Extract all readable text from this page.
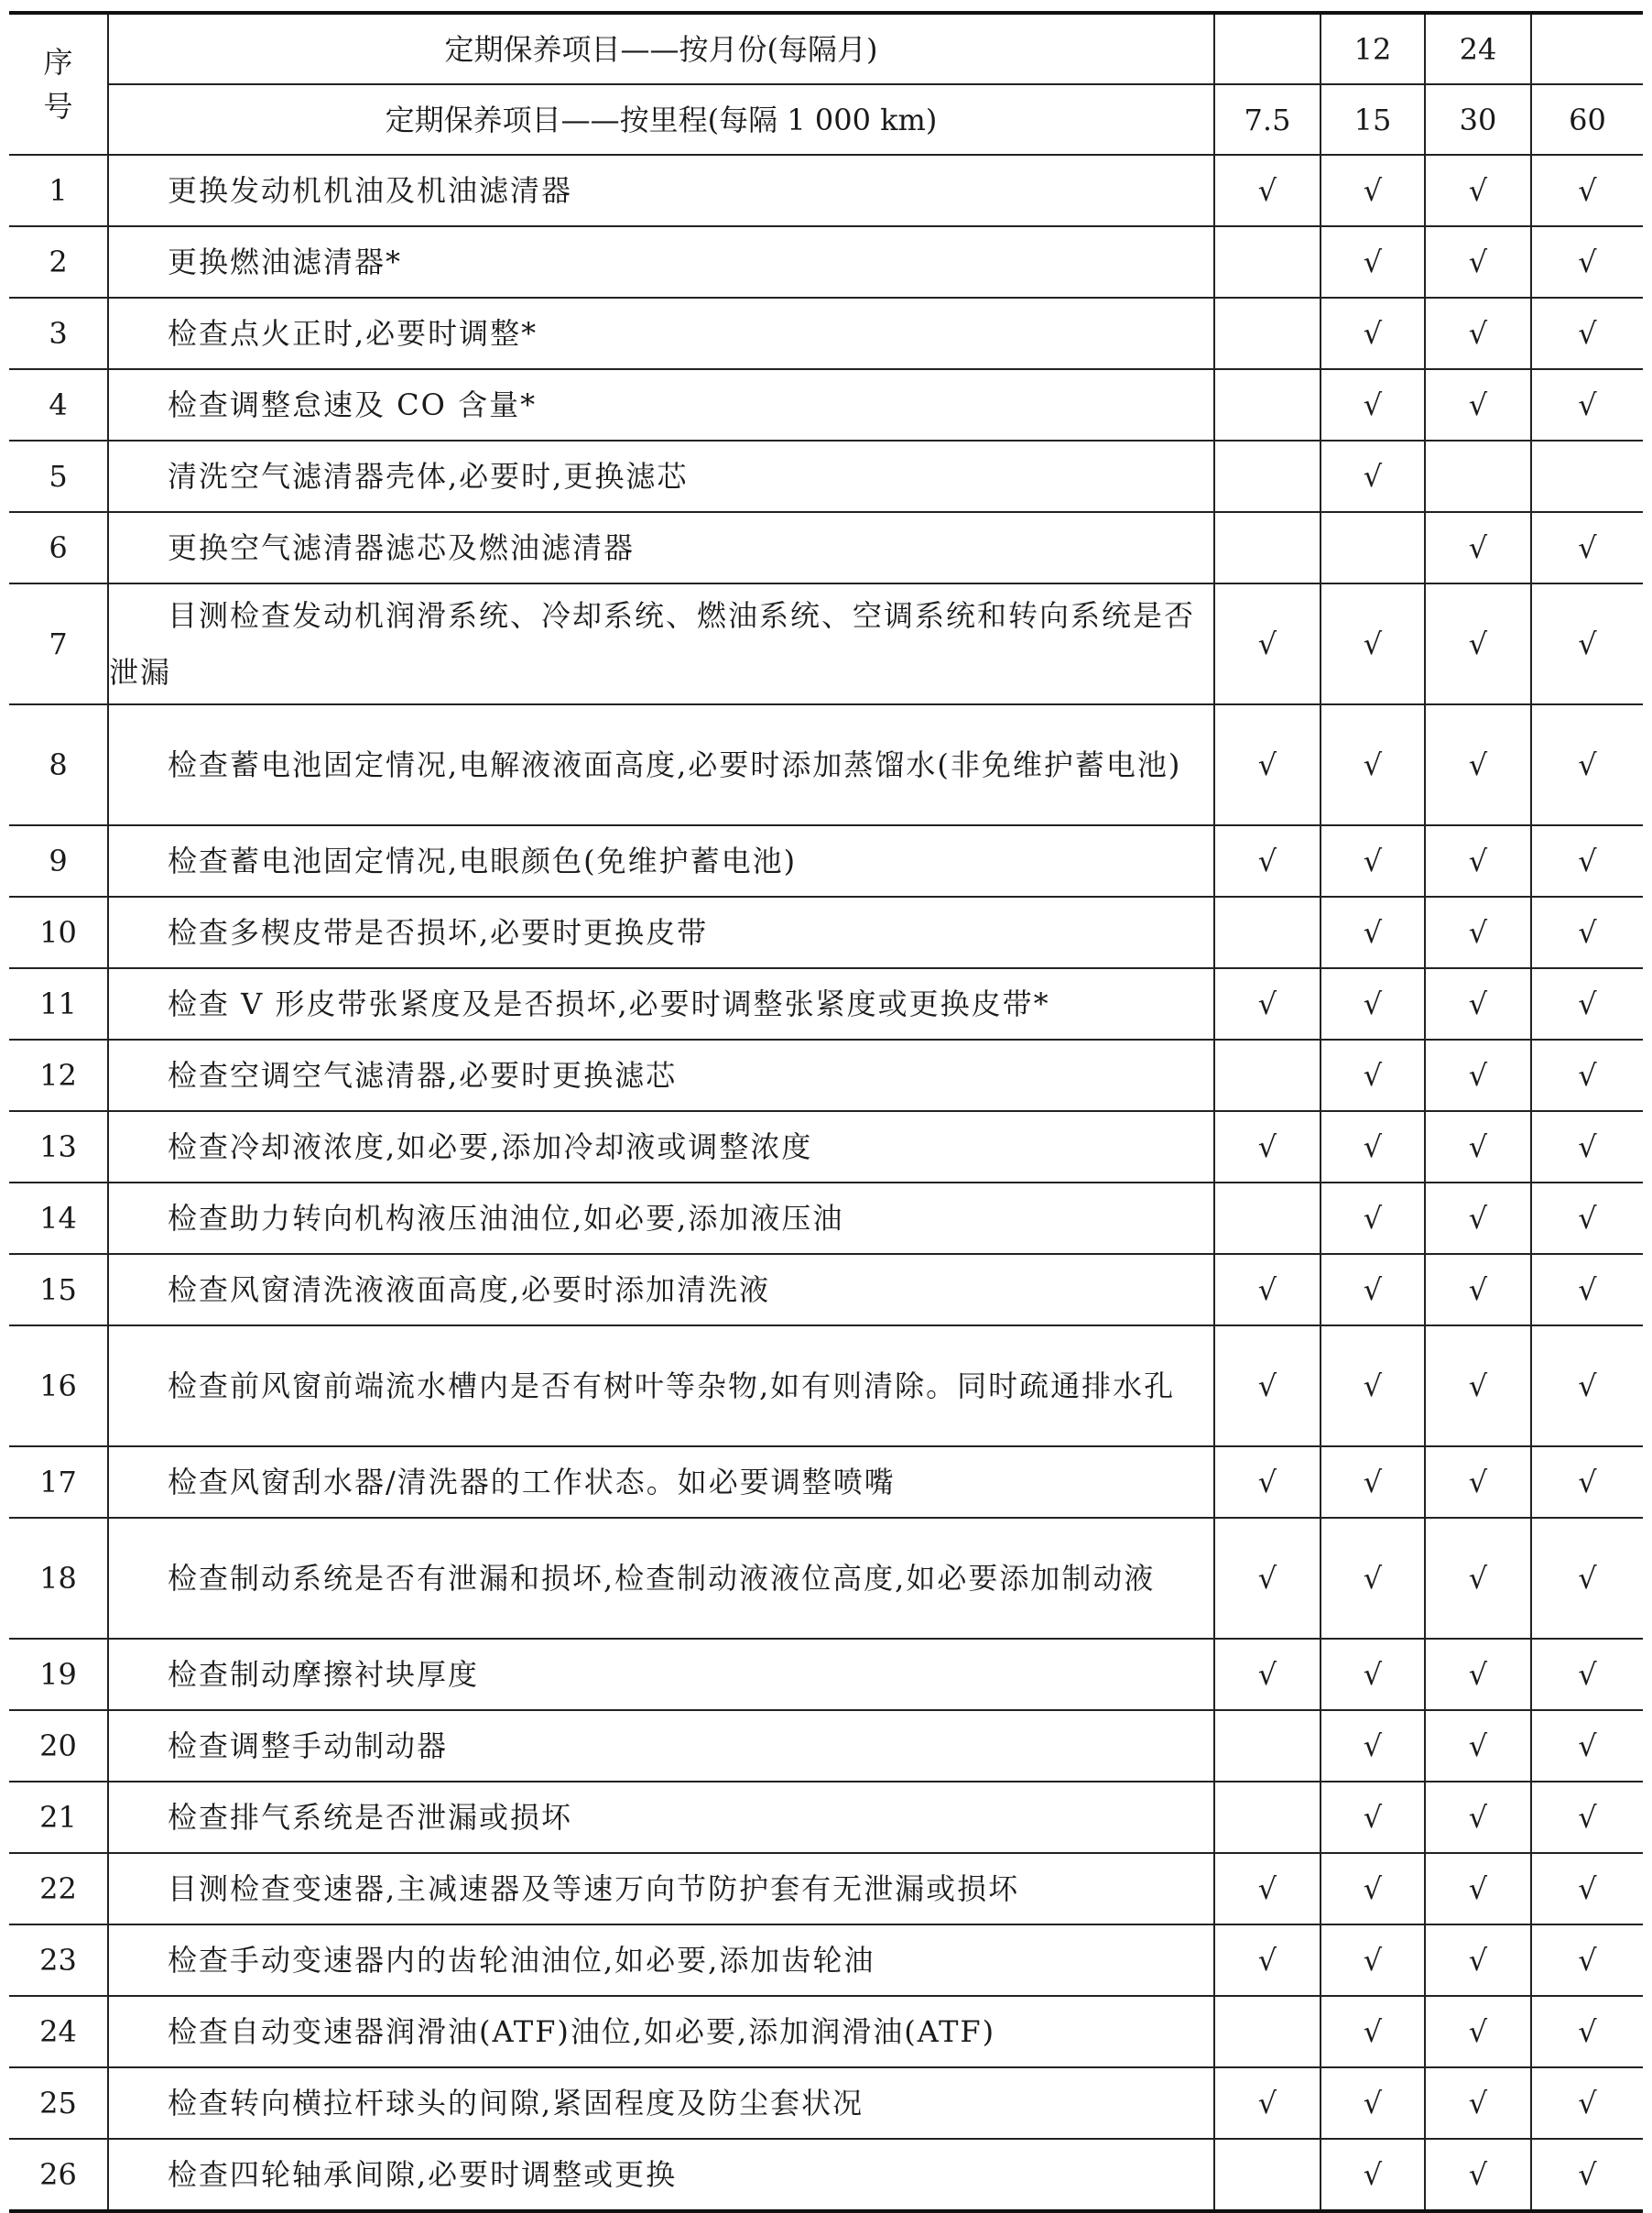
序
号	定期保养项目——按月份(每隔月)		12	24	
	定期保养项目——按里程(每隔 1 000 km)	7.5	15	30	60
1	更换发动机机油及机油滤清器	√	√	√	√
2	更换燃油滤清器*		√	√	√
3	检查点火正时,必要时调整*		√	√	√
4	检查调整怠速及 CO 含量*		√	√	√
5	清洗空气滤清器壳体,必要时,更换滤芯		√		
6	更换空气滤清器滤芯及燃油滤清器			√	√
7	目测检查发动机润滑系统、冷却系统、燃油系统、空调系统和转向系统是否泄漏	√	√	√	√
8	检查蓄电池固定情况,电解液液面高度,必要时添加蒸馏水(非免维护蓄电池)	√	√	√	√
9	检查蓄电池固定情况,电眼颜色(免维护蓄电池)	√	√	√	√
10	检查多楔皮带是否损坏,必要时更换皮带		√	√	√
11	检查 V 形皮带张紧度及是否损坏,必要时调整张紧度或更换皮带*	√	√	√	√
12	检查空调空气滤清器,必要时更换滤芯		√	√	√
13	检查冷却液浓度,如必要,添加冷却液或调整浓度	√	√	√	√
14	检查助力转向机构液压油油位,如必要,添加液压油		√	√	√
15	检查风窗清洗液液面高度,必要时添加清洗液	√	√	√	√
16	检查前风窗前端流水槽内是否有树叶等杂物,如有则清除。同时疏通排水孔	√	√	√	√
17	检查风窗刮水器/清洗器的工作状态。如必要调整喷嘴	√	√	√	√
18	检查制动系统是否有泄漏和损坏,检查制动液液位高度,如必要添加制动液	√	√	√	√
19	检查制动摩擦衬块厚度	√	√	√	√
20	检查调整手动制动器		√	√	√
21	检查排气系统是否泄漏或损坏		√	√	√
22	目测检查变速器,主减速器及等速万向节防护套有无泄漏或损坏	√	√	√	√
23	检查手动变速器内的齿轮油油位,如必要,添加齿轮油	√	√	√	√
24	检查自动变速器润滑油(ATF)油位,如必要,添加润滑油(ATF)		√	√	√
25	检查转向横拉杆球头的间隙,紧固程度及防尘套状况	√	√	√	√
26	检查四轮轴承间隙,必要时调整或更换		√	√	√
